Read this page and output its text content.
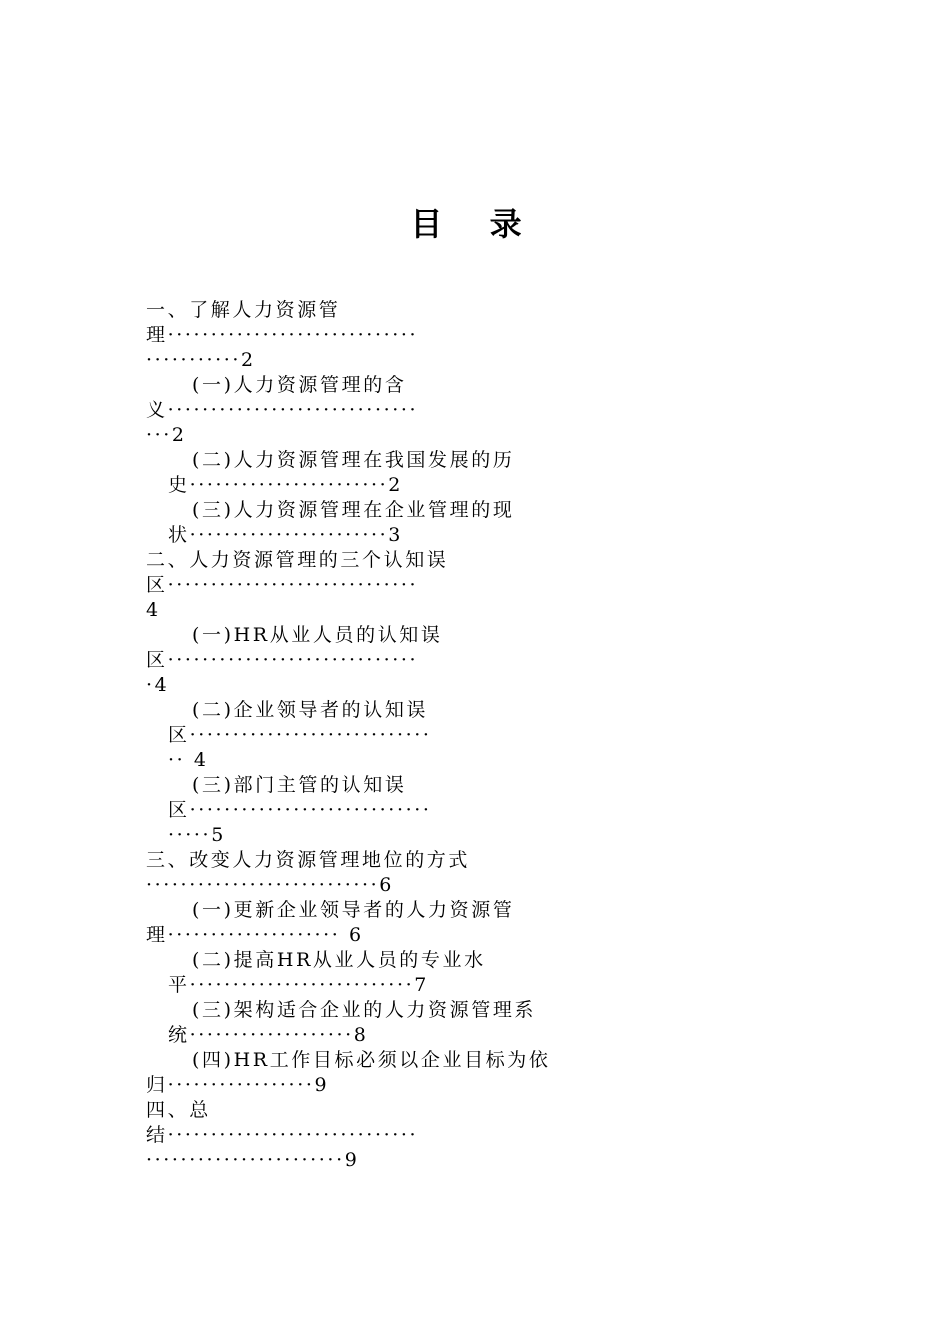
目 录
一、了解人力资源管
理·····························
···········2
(一)人力资源管理的含
义·····························
···2
(二)人力资源管理在我国发展的历
史·······················2
(三)人力资源管理在企业管理的现
状·······················3
二、人力资源管理的三个认知误
区·····························
4
(一)HR从业人员的认知误
区·····························
·4
(二)企业领导者的认知误
区····························
·· 4
(三)部门主管的认知误
区····························
·····5
三、改变人力资源管理地位的方式
···························6
(一)更新企业领导者的人力资源管
理···················· 6
(二)提高HR从业人员的专业水
平··························7
(三)架构适合企业的人力资源管理系
统···················8
(四)HR工作目标必须以企业目标为依
归·················9
四、总
结·····························
·······················9
